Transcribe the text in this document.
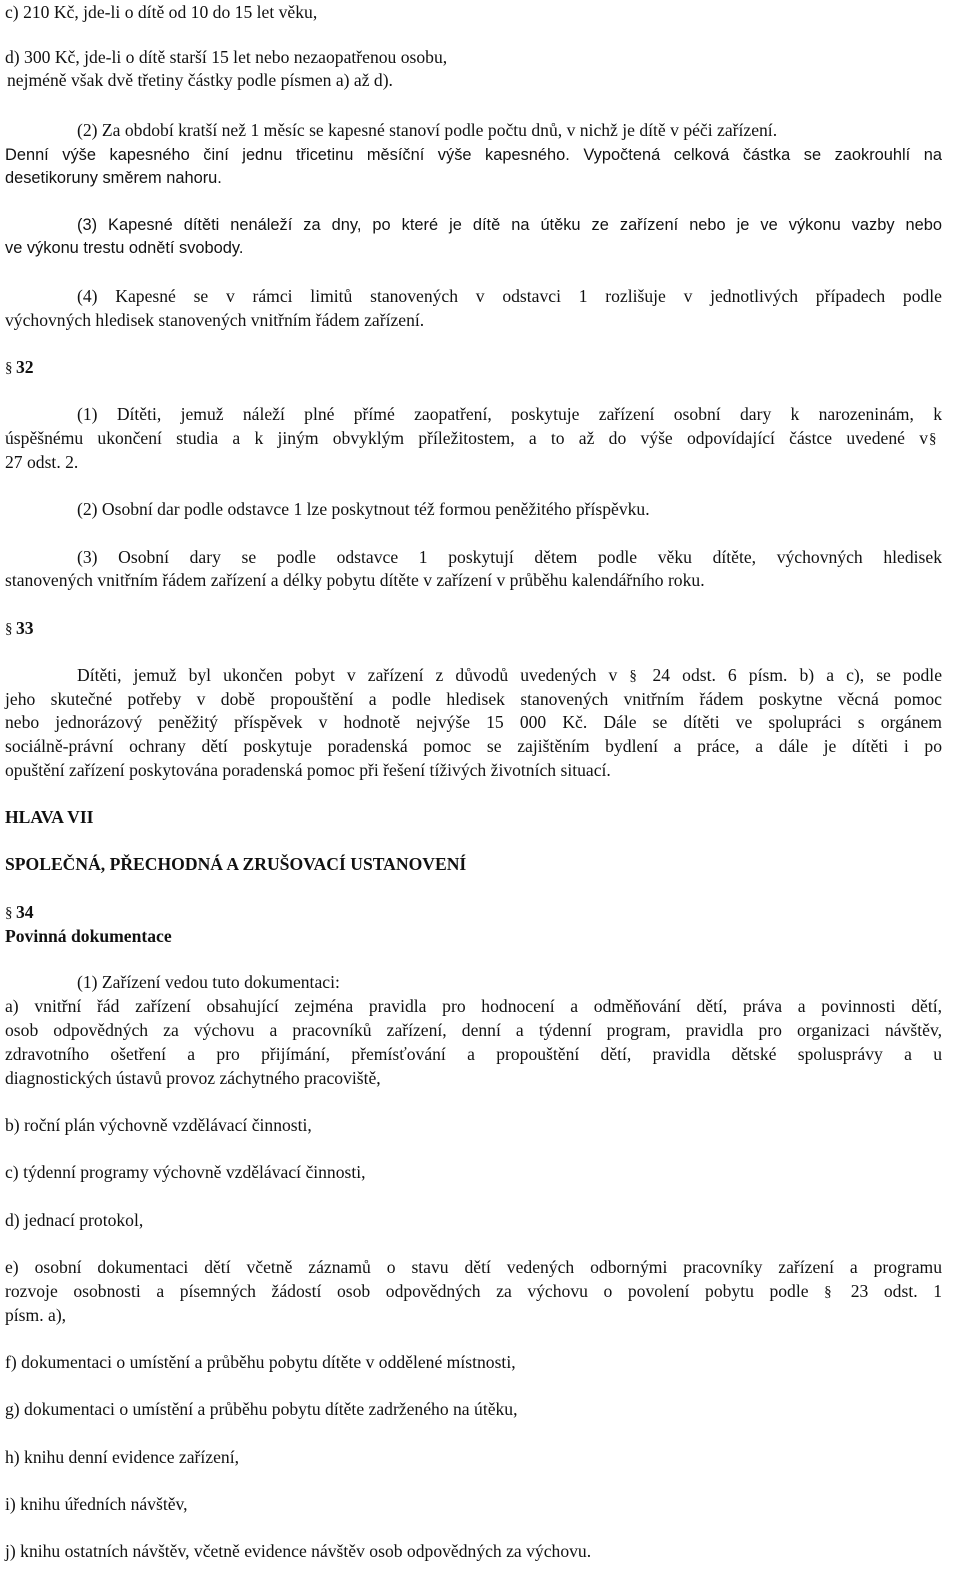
c) 210 Kč, jde-li o dítě od 10 do 15 let věku,
d) 300 Kč, jde-li o dítě starší 15 let nebo nezaopatřenou osobu,
nejméně však dvě třetiny částky podle písmen a) až d).
(2) Za období kratší než 1 měsíc se kapesné stanoví podle počtu dnů, v nichž je dítě v péči zařízení.
Denní výše kapesného činí jednu třicetinu měsíční výše kapesného. Vypočtená celková částka se zaokrouhlí na
desetikoruny směrem nahoru.
(3) Kapesné dítěti nenáleží za dny, po které je dítě na útěku ze zařízení nebo je ve výkonu vazby nebo
ve výkonu trestu odnětí svobody.
(4) Kapesné se v rámci limitů stanovených v odstavci 1 rozlišuje v jednotlivých případech podle
výchovných hledisek stanovených vnitřním řádem zařízení.
§32
(1) Dítěti, jemuž náleží plné přímé zaopatření, poskytuje zařízení osobní dary k narozeninám, k
úspěšnému ukončení studia a k jiným obvyklým příležitostem, a to až do výše odpovídající částce uvedené v
§
27 odst. 2.
(2) Osobní dar podle odstavce 1 lze poskytnout též formou peněžitého příspěvku.
(3) Osobní dary se podle odstavce 1 poskytují dětem podle věku dítěte, výchovných hledisek
stanovených vnitřním řádem zařízení a délky pobytu dítěte v zařízení v průběhu kalendářního roku.
§33
Dítěti, jemuž byl ukončen pobyt v zařízení z důvodů uvedených v § 24 odst. 6 písm. b) a c), se podle
jeho skutečné potřeby v době propouštění a podle hledisek stanovených vnitřním řádem poskytne věcná pomoc
nebo jednorázový peněžitý příspěvek v hodnotě nejvýše 15 000 Kč. Dále se dítěti ve spolupráci s orgánem
sociálně-právní ochrany dětí poskytuje poradenská pomoc se zajištěním bydlení a práce, a dále je dítěti i po
opuštění zařízení poskytována poradenská pomoc při řešení tíživých životních situací.
HLAVA VII
SPOLEČNÁ, PŘECHODNÁ A ZRUŠOVACÍ USTANOVENÍ
§34
Povinná dokumentace
(1) Zařízení vedou tuto dokumentaci:
a) vnitřní řád zařízení obsahující zejména pravidla pro hodnocení a odměňování dětí, práva a povinnosti dětí,
osob odpovědných za výchovu a pracovníků zařízení, denní a týdenní program, pravidla pro organizaci návštěv,
zdravotního ošetření a pro přijímání, přemísťování a propouštění dětí, pravidla dětské spolusprávy a u
diagnostických ústavů provoz záchytného pracoviště,
b) roční plán výchovně vzdělávací činnosti,
c) týdenní programy výchovně vzdělávací činnosti,
d) jednací protokol,
e) osobní dokumentaci dětí včetně záznamů o stavu dětí vedených odbornými pracovníky zařízení a programu
rozvoje osobnosti a písemných žádostí osob odpovědných za výchovu o povolení pobytu podle § 23 odst. 1
písm. a),
f) dokumentaci o umístění a průběhu pobytu dítěte v oddělené místnosti,
g) dokumentaci o umístění a průběhu pobytu dítěte zadrženého na útěku,
h) knihu denní evidence zařízení,
i) knihu úředních návštěv,
j) knihu ostatních návštěv, včetně evidence návštěv osob odpovědných za výchovu.
